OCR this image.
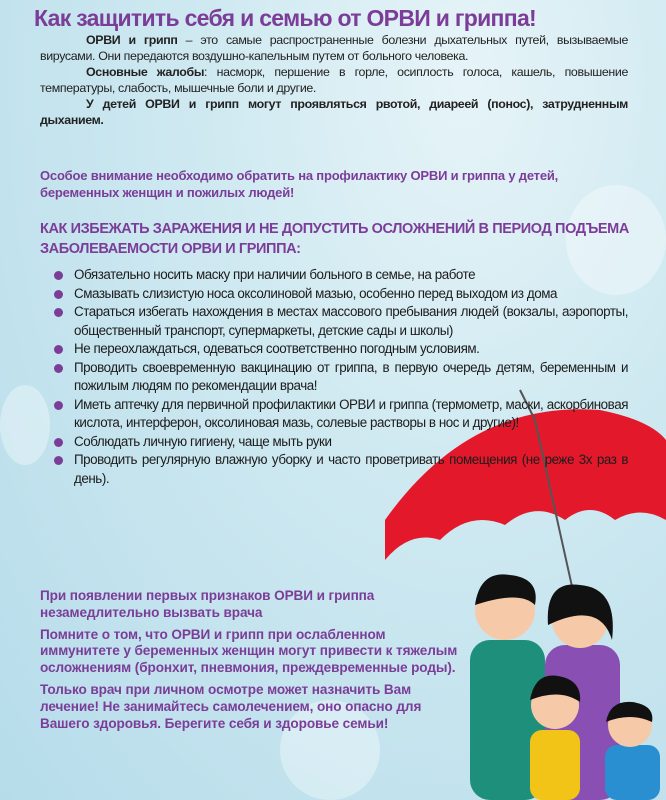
Как защитить себя и семью от ОРВИ и гриппа!

ОРВИ и грипп – это самые распространенные болезни дыхательных путей, вызываемые вирусами. Они передаются воздушно-капельным путем от больного человека.

Основные жалобы: насморк, першение в горле, осиплость голоса, кашель, повышение температуры, слабость, мышечные боли и другие.

У детей ОРВИ и грипп могут проявляться рвотой, диареей (понос), затрудненным дыханием.

Особое внимание необходимо обратить на профилактику ОРВИ и гриппа у детей, беременных женщин и пожилых людей!
КАК ИЗБЕЖАТЬ ЗАРАЖЕНИЯ И НЕ ДОПУСТИТЬ ОСЛОЖНЕНИЙ В ПЕРИОД ПОДЪЕМА ЗАБОЛЕВАЕМОСТИ ОРВИ И ГРИППА:
Обязательно носить маску при наличии больного в семье, на работе
Смазывать слизистую носа оксолиновой мазью, особенно перед выходом из дома
Стараться избегать нахождения в местах массового пребывания людей (вокзалы, аэропорты, общественный транспорт, супермаркеты, детские сады и школы)
Не переохлаждаться, одеваться соответственно погодным условиям.
Проводить своевременную вакцинацию от гриппа, в первую очередь детям, беременным и пожилым людям по рекомендации врача!
Иметь аптечку для первичной профилактики ОРВИ и гриппа (термометр, маски, аскорбиновая кислота, интерферон, оксолиновая мазь, солевые растворы в нос и другие)!
Соблюдать личную гигиену, чаще мыть руки
Проводить регулярную влажную уборку и часто проветривать помещения (не реже 3х раз в день).

При появлении первых признаков ОРВИ и гриппа незамедлительно вызвать врача

Помните о том, что ОРВИ и грипп при ослабленном иммунитете у беременных женщин могут привести к тяжелым осложнениям (бронхит, пневмония, преждевременные роды).

Только врач при личном осмотре может назначить Вам лечение! Не занимайтесь самолечением, оно опасно для Вашего здоровья. Берегите себя и здоровье семьи!
